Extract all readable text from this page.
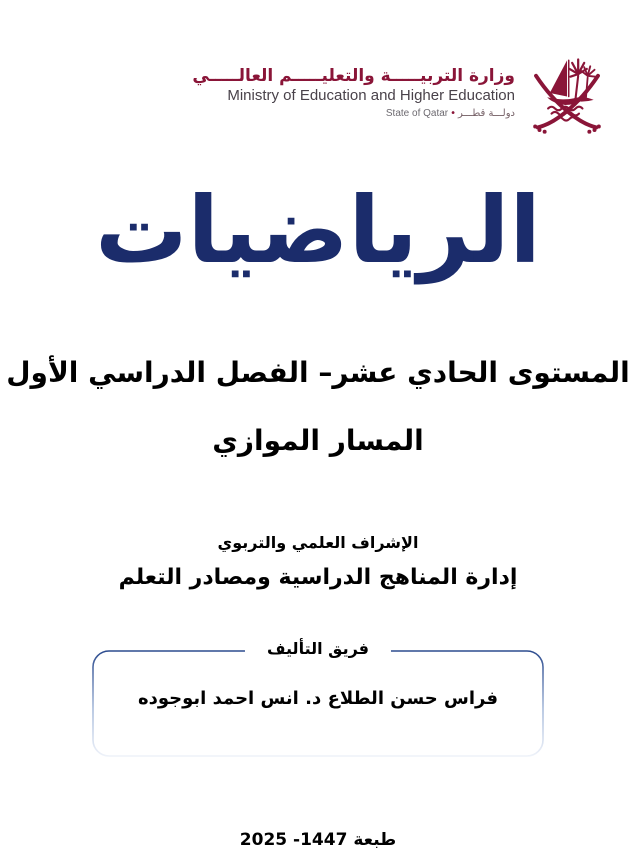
وزارة التربيـــــة والتعليـــــم العالـــــي
Ministry of Education and Higher Education
دولـــة قطـــر•State of Qatar
الرياضيات
المستوى الحادي عشر– الفصل الدراسي الأول
المسار الموازي
الإشراف العلمي والتربوي
إدارة المناهج الدراسية ومصادر التعلم
فريق التأليف
فراس حسن الطلاع
د. انس احمد ابوجوده
طبعة 1447- 2025
